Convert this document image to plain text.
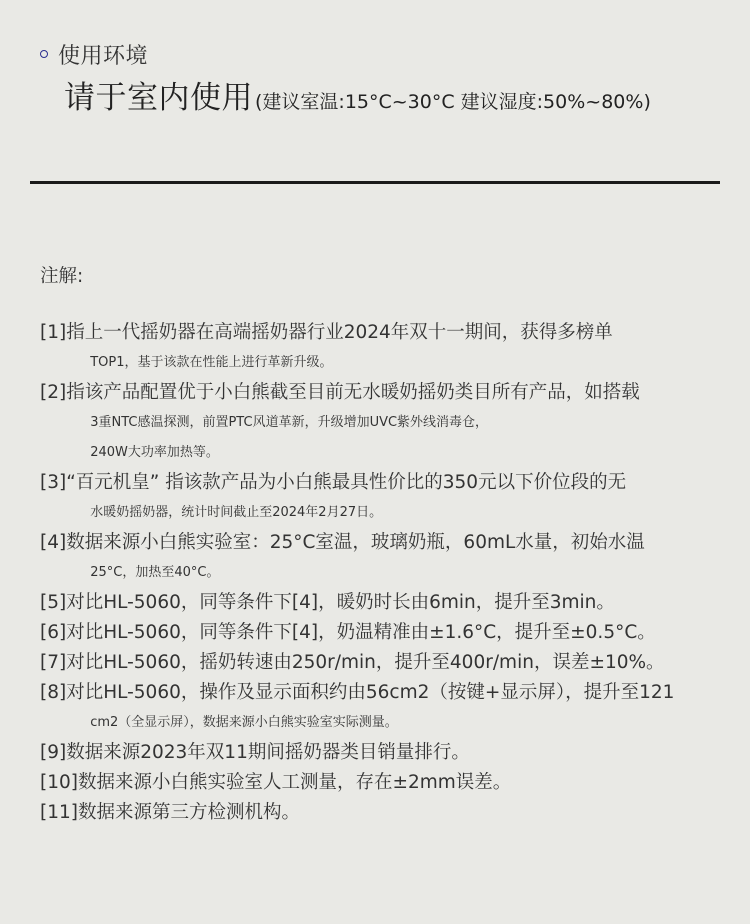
使用环境
请于室内使用 (建议室温:15°C~30°C 建议湿度:50%~80%)
注解:
[1] 指上一代摇奶器在高端摇奶器行业2024年双十一期间，获得多榜单
TOP1，基于该款在性能上进行革新升级。
[2] 指该产品配置优于小白熊截至目前无水暖奶摇奶类目所有产品，如搭载
3重NTC感温探测，前置PTC风道革新，升级增加UVC紫外线消毒仓，
240W大功率加热等。
[3] “百元机皇” 指该款产品为小白熊最具性价比的350元以下价位段的无
水暖奶摇奶器，统计时间截止至2024年2月27日。
[4] 数据来源小白熊实验室：25°C室温，玻璃奶瓶，60mL水量，初始水温
25°C，加热至40°C。
[5] 对比HL-5060，同等条件下[4]，暖奶时长由6min，提升至3min。
[6] 对比HL-5060，同等条件下[4]，奶温精准由±1.6°C，提升至±0.5°C。
[7] 对比HL-5060，摇奶转速由250r/min，提升至400r/min，误差±10%。
[8] 对比HL-5060，操作及显示面积约由56cm2（按键+显示屏），提升至121
cm2（全显示屏），数据来源小白熊实验室实际测量。
[9] 数据来源2023年双11期间摇奶器类目销量排行。
[10] 数据来源小白熊实验室人工测量，存在±2mm误差。
[11] 数据来源第三方检测机构。
